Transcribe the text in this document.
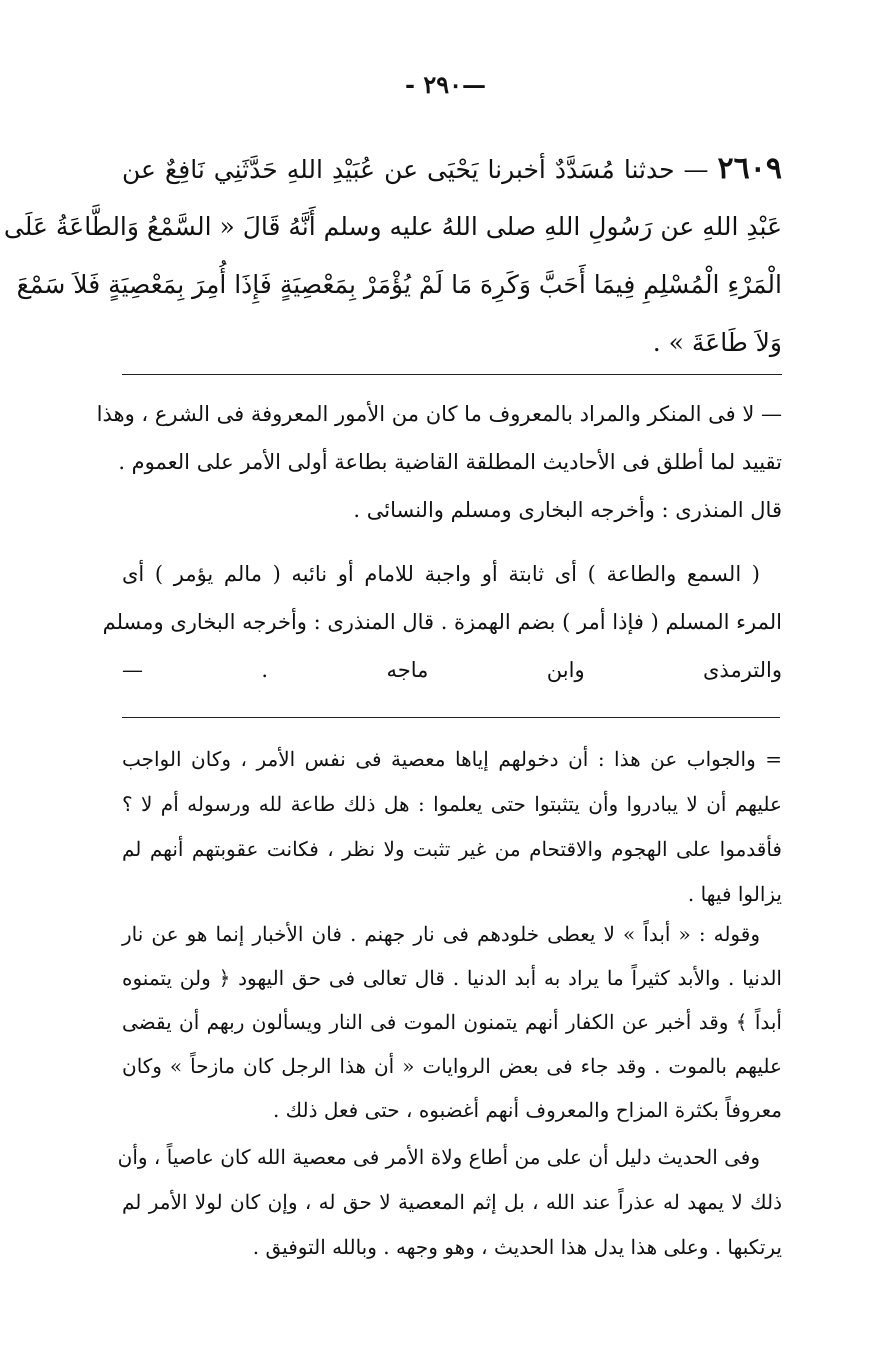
—٢٩٠ -
٢٦٠٩ — حدثنا مُسَدَّدٌ أخبرنا يَحْيَى عن عُبَيْدِ اللهِ حَدَّثَنِي نَافِعٌ عن
عَبْدِ اللهِ عن رَسُولِ اللهِ صلى اللهُ عليه وسلم أَنَّهُ قَالَ « السَّمْعُ وَالطَّاعَةُ عَلَى
الْمَرْءِ الْمُسْلِمِ فِيمَا أَحَبَّ وَكَرِهَ مَا لَمْ يُؤْمَرْ بِمَعْصِيَةٍ فَإِذَا أُمِرَ بِمَعْصِيَةٍ فَلاَ سَمْعَ
وَلاَ طَاعَةَ » .
— لا فى المنكر والمراد بالمعروف ما كان من الأمور المعروفة فى الشرع ، وهذا
تقييد لما أطلق فى الأحاديث المطلقة القاضية بطاعة أولى الأمر على العموم .
قال المنذرى : وأخرجه البخارى ومسلم والنسائى .
( السمع والطاعة ) أى ثابتة أو واجبة للامام أو نائبه ( مالم يؤمر ) أى
المرء المسلم ( فإذا أمر ) بضم الهمزة . قال المنذرى : وأخرجه البخارى ومسلم
والترمذى وابن ماجه . —
= والجواب عن هذا : أن دخولهم إياها معصية فى نفس الأمر ، وكان الواجب
عليهم أن لا يبادروا وأن يتثبتوا حتى يعلموا : هل ذلك طاعة لله ورسوله أم لا ؟
فأقدموا على الهجوم والاقتحام من غير تثبت ولا نظر ، فكانت عقوبتهم أنهم لم
يزالوا فيها .
وقوله : « أبداً » لا يعطى خلودهم فى نار جهنم . فان الأخبار إنما هو عن نار
الدنيا . والأبد كثيراً ما يراد به أبد الدنيا . قال تعالى فى حق اليهود ﴿ ولن يتمنوه
أبداً ﴾ وقد أخبر عن الكفار أنهم يتمنون الموت فى النار ويسألون ربهم أن يقضى
عليهم بالموت . وقد جاء فى بعض الروايات « أن هذا الرجل كان مازحاً » وكان
معروفاً بكثرة المزاح والمعروف أنهم أغضبوه ، حتى فعل ذلك .
وفى الحديث دليل أن على من أطاع ولاة الأمر فى معصية الله كان عاصياً ، وأن
ذلك لا يمهد له عذراً عند الله ، بل إثم المعصية لا حق له ، وإن كان لولا الأمر لم
يرتكبها . وعلى هذا يدل هذا الحديث ، وهو وجهه . وبالله التوفيق .
